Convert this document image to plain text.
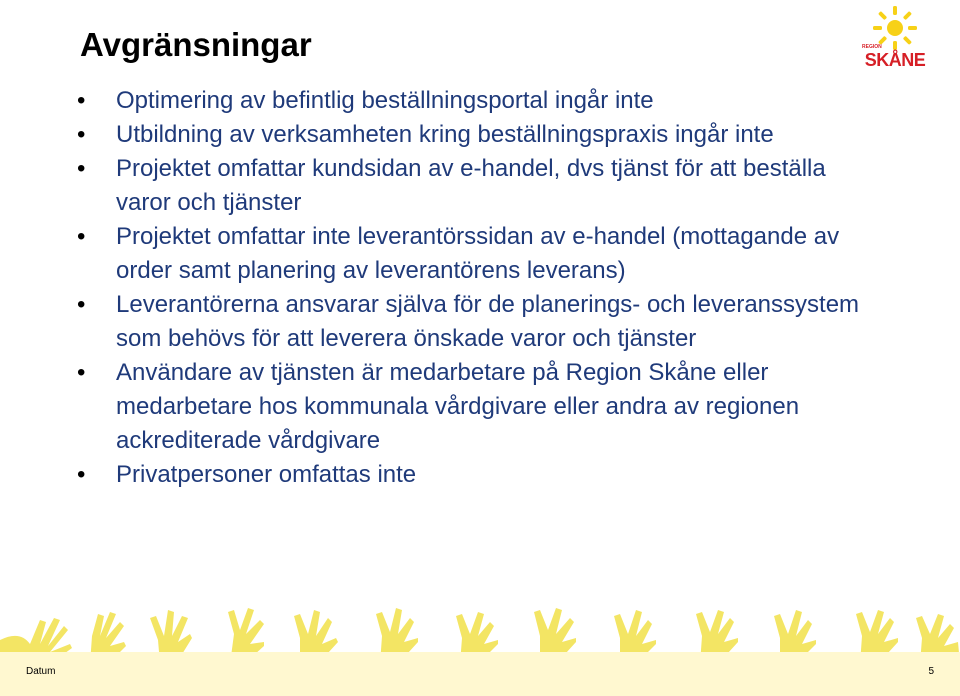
Avgränsningar	REGION
SKÅNE
• Optimering av befintlig beställningsportal ingår inte
• Utbildning av verksamheten kring beställningspraxis ingår inte
• Projektet omfattar kundsidan av e-handel, dvs tjänst för att beställa varor och tjänster
• Projektet omfattar inte leverantörssidan av e-handel (mottagande av order samt planering av leverantörens leverans)
• Leverantörerna ansvarar själva för de planerings- och leveranssystem som behövs för att leverera önskade varor och tjänster
• Användare av tjänsten är medarbetare på Region Skåne eller medarbetare hos kommunala vårdgivare eller andra av regionen ackrediterade vårdgivare
• Privatpersoner omfattas inte
Datum	5
